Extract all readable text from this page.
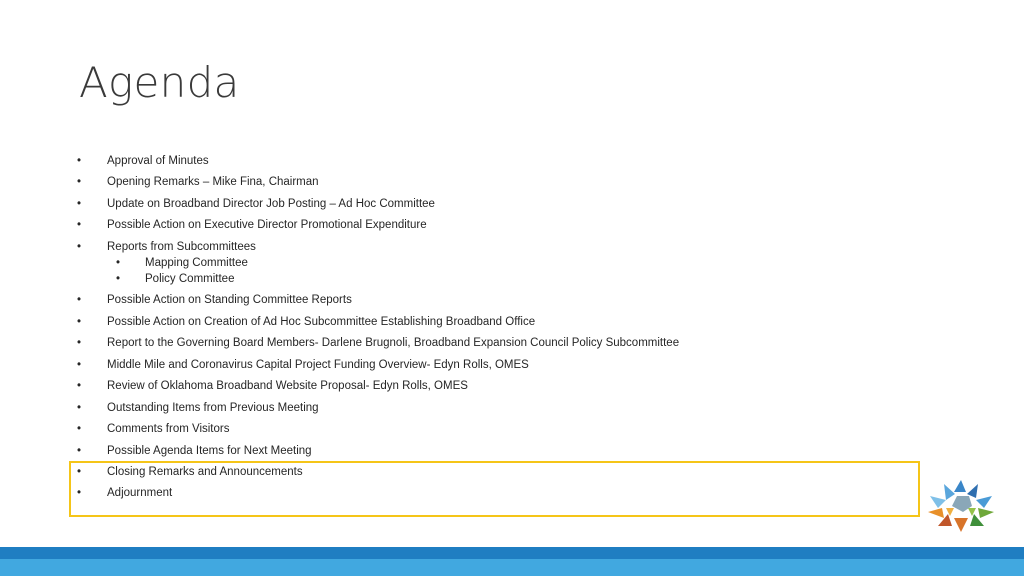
Agenda
• Approval of Minutes
• Opening Remarks – Mike Fina, Chairman
• Update on Broadband Director Job Posting – Ad Hoc Committee
• Possible Action on Executive Director Promotional Expenditure
• Reports from Subcommittees
• Mapping Committee
• Policy Committee
• Possible Action on Standing Committee Reports
• Possible Action on Creation of Ad Hoc Subcommittee Establishing Broadband Office
• Report to the Governing Board Members- Darlene Brugnoli, Broadband Expansion Council Policy Subcommittee
• Middle Mile and Coronavirus Capital Project Funding Overview- Edyn Rolls, OMES
• Review of Oklahoma Broadband Website Proposal- Edyn Rolls, OMES
• Outstanding Items from Previous Meeting
• Comments from Visitors
• Possible Agenda Items for Next Meeting
• Closing Remarks and Announcements
• Adjournment
